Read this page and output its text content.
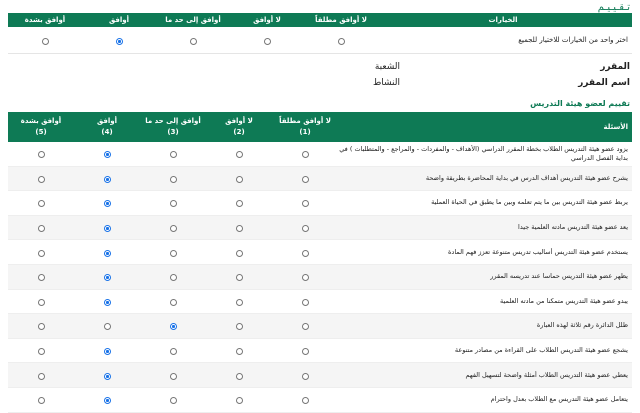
تـقـيـيـم
الخيارات
لا أوافق مطلقاً
لا أوافق
أوافق إلى حد ما
أوافق
أوافق بشدة
اختر واحد من الخيارات للاختيار للجميع
المقرر
الشعبة
اسم المقرر
النشاط
تقييم لعضو هيئة التدريس
الأسئلة
لا أوافق مطلقاً
(1)
لا أوافق
(2)
أوافق إلى حد ما
(3)
أوافق
(4)
أوافق بشدة
(5)
يزود عضو هيئة التدريس الطلاب بخطة المقرر الدراسي (الأهداف - والمفردات - والمراجع - والمتطلبات ) في بداية الفصل الدراسي
يشرح عضو هيئة التدريس أهداف الدرس في بداية المحاضرة بطريقة واضحة
يربط عضو هيئة التدريس بين ما يتم تعلمه وبين ما يطبق في الحياة العملية
يعد عضو هيئة التدريس مادته العلمية جيدا
يستخدم عضو هيئة التدريس أساليب تدريس متنوعة تعزز فهم المادة
يظهر عضو هيئة التدريس حماسا عند تدريسه المقرر
يبدو عضو هيئة التدريس متمكنا من مادته العلمية
ظلل الدائرة رقم ثلاثة لهذه العبارة
يشجع عضو هيئة التدريس الطلاب على القراءة من مصادر متنوعة
يعطي عضو هيئة التدريس الطلاب أمثلة واضحة لتسهيل الفهم
يتعامل عضو هيئة التدريس مع الطلاب بعدل واحترام
